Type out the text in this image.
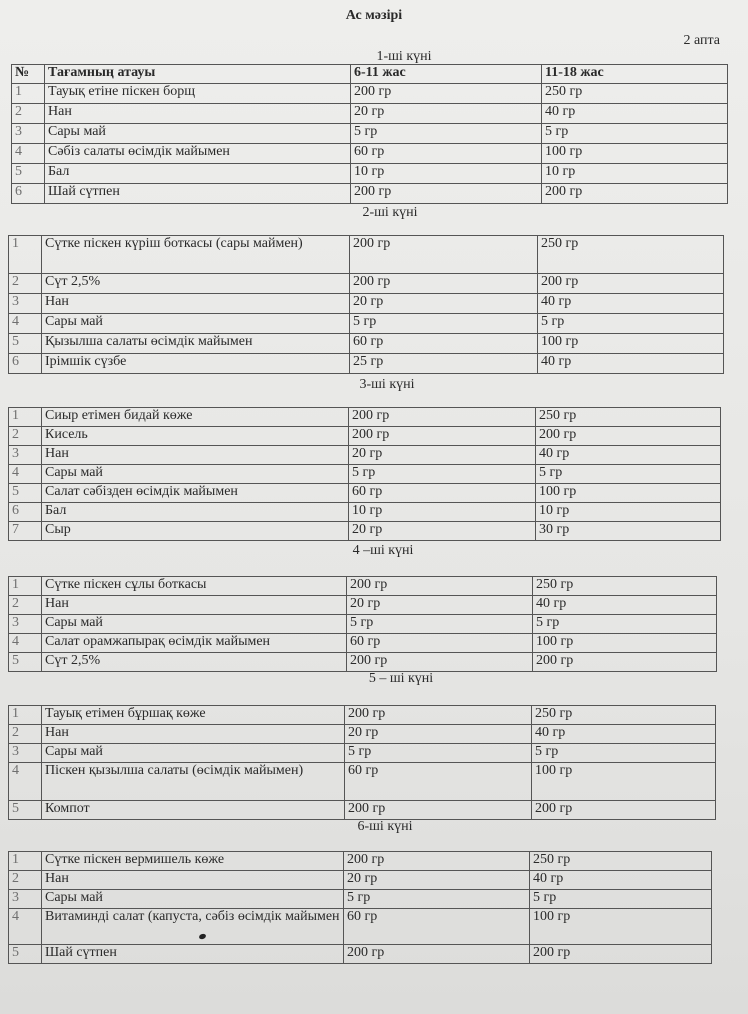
Ас мәзірі
2 апта
1-ші күні
№	Тағамның атауы	6-11 жас	11-18 жас
1	Тауық етіне піскен борщ	200 гр	250 гр
2	Нан	20 гр	40 гр
3	Сары май	5 гр	5 гр
4	Сәбіз салаты өсімдік майымен	60 гр	100 гр
5	Бал	10 гр	10 гр
6	Шай сүтпен	200 гр	200 гр
2-ші күні
1	Сүтке піскен күріш боткасы (сары маймен)	200 гр	250 гр
2	Сүт 2,5%	200 гр	200 гр
3	Нан	20 гр	40 гр
4	Сары май	5 гр	5 гр
5	Қызылша салаты өсімдік майымен	60 гр	100 гр
6	Ірімшік сүзбе	25 гр	40 гр
3-ші күні
1	Сиыр етімен бидай көже	200 гр	250 гр
2	Кисель	200 гр	200 гр
3	Нан	20 гр	40 гр
4	Сары май	5 гр	5 гр
5	Салат сәбізден өсімдік майымен	60 гр	100 гр
6	Бал	10 гр	10 гр
7	Сыр	20 гр	30 гр
4 –ші күні
1	Сүтке піскен сұлы боткасы	200 гр	250 гр
2	Нан	20 гр	40 гр
3	Сары май	5 гр	5 гр
4	Салат орамжапырақ өсімдік майымен	60 гр	100 гр
5	Сүт 2,5%	200 гр	200 гр
5 – ші күні
1	Тауық етімен бұршақ көже	200 гр	250 гр
2	Нан	20 гр	40 гр
3	Сары май	5 гр	5 гр
4	Піскен қызылша салаты (өсімдік майымен)	60 гр	100 гр
5	Компот	200 гр	200 гр
6-ші күні
1	Сүтке піскен вермишель көже	200 гр	250 гр
2	Нан	20 гр	40 гр
3	Сары май	5 гр	5 гр
4	Витаминді салат (капуста, сәбіз өсімдік майымен	60 гр	100 гр
5	Шай сүтпен	200 гр	200 гр
